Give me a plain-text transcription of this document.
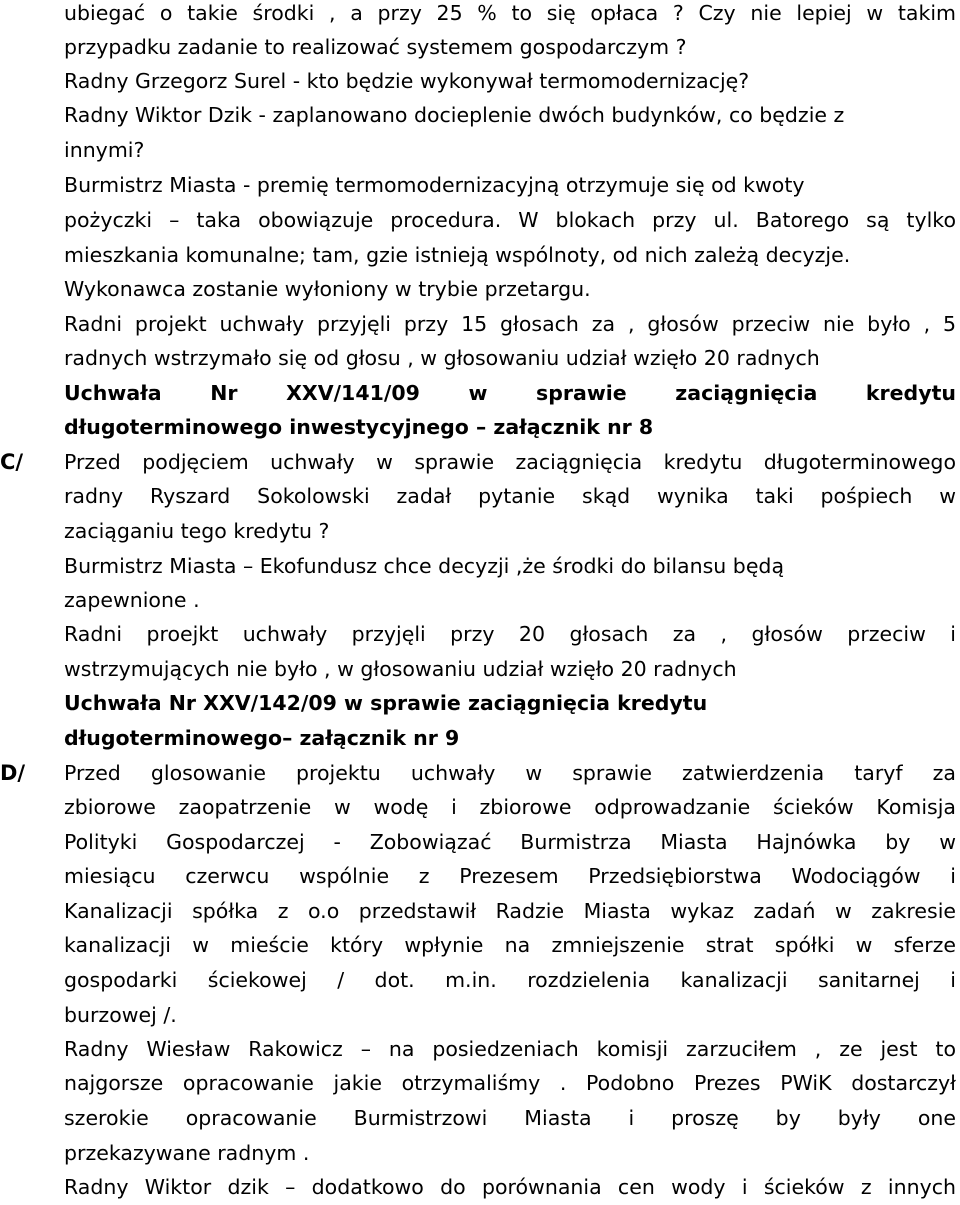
C/
D/
ubiegać o takie środki , a przy 25 % to się opłaca ? Czy nie lepiej w takim
przypadku zadanie to realizować systemem gospodarczym ?
Radny Grzegorz Surel - kto będzie wykonywał termomodernizację?
Radny Wiktor Dzik - zaplanowano docieplenie dwóch budynków, co będzie z
innymi?
Burmistrz Miasta - premię termomodernizacyjną otrzymuje się od kwoty
pożyczki – taka obowiązuje procedura. W blokach przy ul. Batorego są tylko
mieszkania komunalne; tam, gzie istnieją wspólnoty, od nich zależą decyzje.
Wykonawca zostanie wyłoniony w trybie przetargu.
Radni projekt uchwały przyjęli przy 15 głosach za , głosów przeciw nie było , 5
radnych wstrzymało się od głosu , w głosowaniu udział wzięło 20 radnych
Uchwała Nr XXV/141/09 w sprawie zaciągnięcia kredytu
długoterminowego inwestycyjnego – załącznik nr 8
Przed podjęciem uchwały w sprawie zaciągnięcia kredytu długoterminowego
radny Ryszard Sokolowski zadał pytanie skąd wynika taki pośpiech w
zaciąganiu tego kredytu ?
Burmistrz Miasta – Ekofundusz chce decyzji ,że środki do bilansu będą
zapewnione .
Radni proejkt uchwały przyjęli przy 20 głosach za , głosów przeciw i
wstrzymujących nie było , w głosowaniu udział wzięło 20 radnych
Uchwała Nr XXV/142/09 w sprawie zaciągnięcia kredytu
długoterminowego– załącznik nr 9
Przed glosowanie projektu uchwały w sprawie zatwierdzenia taryf za
zbiorowe zaopatrzenie w wodę i zbiorowe odprowadzanie ścieków Komisja
Polityki Gospodarczej - Zobowiązać Burmistrza Miasta Hajnówka by w
miesiącu czerwcu wspólnie z Prezesem Przedsiębiorstwa Wodociągów i
Kanalizacji spółka z o.o przedstawił Radzie Miasta wykaz zadań w zakresie
kanalizacji w mieście który wpłynie na zmniejszenie strat spółki w sferze
gospodarki ściekowej / dot. m.in. rozdzielenia kanalizacji sanitarnej i
burzowej /.
Radny Wiesław Rakowicz – na posiedzeniach komisji zarzuciłem , ze jest to
najgorsze opracowanie jakie otrzymaliśmy . Podobno Prezes PWiK dostarczył
szerokie opracowanie Burmistrzowi Miasta i proszę by były one
przekazywane radnym .
Radny Wiktor dzik – dodatkowo do porównania cen wody i ścieków z innych
